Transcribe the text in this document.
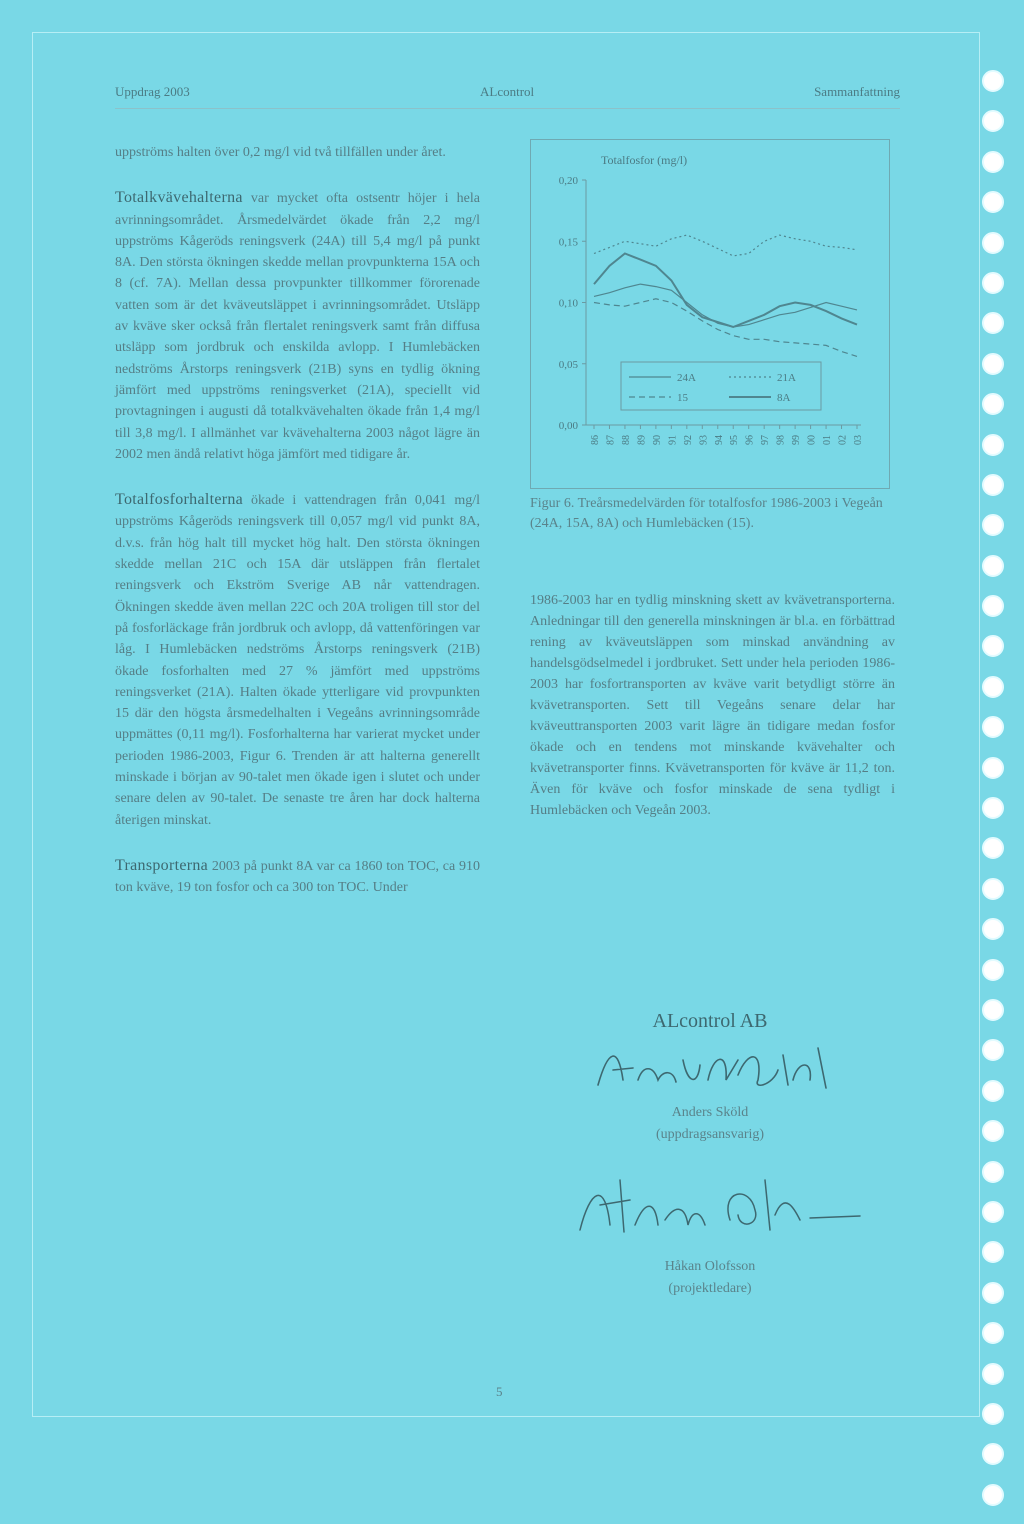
Uppdrag 2003	ALcontrol	Sammanfattning

uppströms halten över 0,2 mg/l vid två tillfällen under året.

Totalkvävehalterna var mycket ofta ostsentr höjer i hela avrinningsområdet. Årsmedelvärdet ökade från 2,2 mg/l uppströms Kågeröds reningsverk (24A) till 5,4 mg/l på punkt 8A. Den största ökningen skedde mellan provpunkterna 15A och 8 (cf. 7A). Mellan dessa provpunkter tillkommer förorenade vatten som är det kväveutsläppet i avrinningsområdet. Utsläpp av kväve sker också från flertalet reningsverk samt från diffusa utsläpp som jordbruk och enskilda avlopp. I Humlebäcken nedströms Årstorps reningsverk (21B) syns en tydlig ökning jämfört med uppströms reningsverket (21A), speciellt vid provtagningen i augusti då totalkvävehalten ökade från 1,4 mg/l till 3,8 mg/l. I allmänhet var kvävehalterna 2003 något lägre än 2002 men ändå relativt höga jämfört med tidigare år.

Totalfosforhalterna ökade i vattendragen från 0,041 mg/l uppströms Kågeröds reningsverk till 0,057 mg/l vid punkt 8A, d.v.s. från hög halt till mycket hög halt. Den största ökningen skedde mellan 21C och 15A där utsläppen från flertalet reningsverk och Ekström Sverige AB når vattendragen. Ökningen skedde även mellan 22C och 20A troligen till stor del på fosforläckage från jordbruk och avlopp, då vattenföringen var låg. I Humlebäcken nedströms Årstorps reningsverk (21B) ökade fosforhalten med 27 % jämfört med uppströms reningsverket (21A). Halten ökade ytterligare vid provpunkten 15 där den högsta årsmedelhalten i Vegeåns avrinningsområde uppmättes (0,11 mg/l). Fosforhalterna har varierat mycket under perioden 1986-2003, Figur 6. Trenden är att halterna generellt minskade i början av 90-talet men ökade igen i slutet och under senare delen av 90-talet. De senaste tre åren har dock halterna återigen minskat.

Transporterna 2003 på punkt 8A var ca 1860 ton TOC, ca 910 ton kväve, 19 ton fosfor och ca 300 ton TOC. Under

Totalfosfor (mg/l)
0,20
0,15
0,10
0,05
0,00
86 87 88 89 90 91 92 93 94 95 96 97 98 99 00 01 02 03
24A	21A
15	8A
Figur 6. Treårsmedelvärden för totalfosfor 1986-2003 i Vegeån (24A, 15A, 8A) och Humlebäcken (15).

1986-2003 har en tydlig minskning skett av kvävetransporterna. Anledningar till den generella minskningen är bl.a. en förbättrad rening av kväveutsläppen som minskad användning av handelsgödselmedel i jordbruket. Sett under hela perioden 1986-2003 har fosfortransporten av kväve varit betydligt större än kvävetransporten. Sett till Vegeåns senare delar har kväveuttransporten 2003 varit lägre än tidigare medan fosfor ökade och en tendens mot minskande kvävehalter och kvävetransporter finns. Kvävetransporten för kväve är 11,2 ton. Även för kväve och fosfor minskade de sena tydligt i Humlebäcken och Vegeån 2003.

ALcontrol AB
Anders Sköld
(uppdragsansvarig)
Håkan Olofsson
(projektledare)
5
